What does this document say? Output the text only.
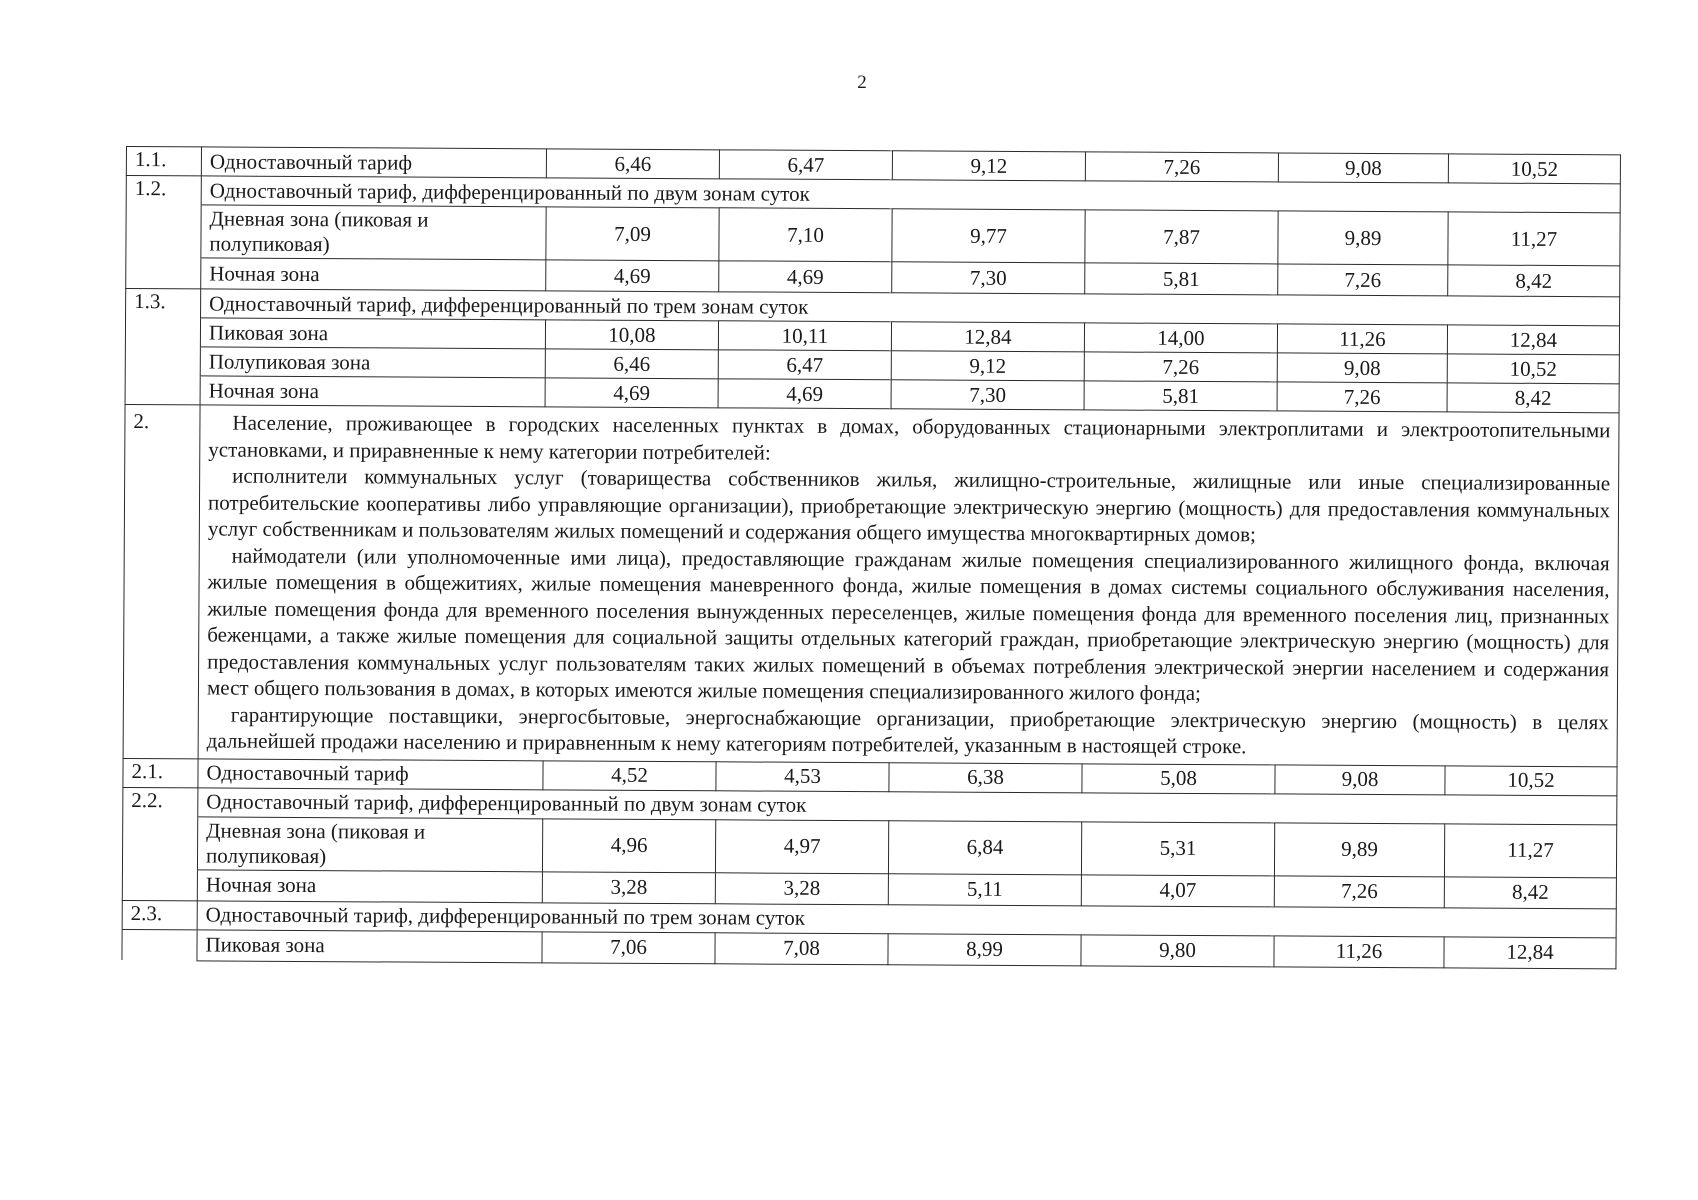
2
1.1.	Одноставочный тариф	6,46	6,47	9,12	7,26	9,08	10,52
1.2.	Одноставочный тариф, дифференцированный по двум зонам суток						
	Дневная зона (пиковая и полупиковая)	7,09	7,10	9,77	7,87	9,89	11,27
	Ночная зона	4,69	4,69	7,30	5,81	7,26	8,42
1.3.	Одноставочный тариф, дифференцированный по трем зонам суток						
	Пиковая зона	10,08	10,11	12,84	14,00	11,26	12,84
	Полупиковая зона	6,46	6,47	9,12	7,26	9,08	10,52
	Ночная зона	4,69	4,69	7,30	5,81	7,26	8,42
2.	Население, проживающее в городских населенных пунктах в домах, оборудованных стационарными электроплитами и электроотопительными установками, и приравненные к нему категории потребителей:

исполнители коммунальных услуг (товарищества собственников жилья, жилищно-строительные, жилищные или иные специализированные потребительские кооперативы либо управляющие организации), приобретающие электрическую энергию (мощность) для предоставления коммунальных услуг собственникам и пользователям жилых помещений и содержания общего имущества многоквартирных домов;

наймодатели (или уполномоченные ими лица), предоставляющие гражданам жилые помещения специализированного жилищного фонда, включая жилые помещения в общежитиях, жилые помещения маневренного фонда, жилые помещения в домах системы социального обслуживания населения, жилые помещения фонда для временного поселения вынужденных переселенцев, жилые помещения фонда для временного поселения лиц, признанных беженцами, а также жилые помещения для социальной защиты отдельных категорий граждан, приобретающие электрическую энергию (мощность) для предоставления коммунальных услуг пользователям таких жилых помещений в объемах потребления электрической энергии населением и содержания мест общего пользования в домах, в которых имеются жилые помещения специализированного жилого фонда;

гарантирующие поставщики, энергосбытовые, энергоснабжающие организации, приобретающие электрическую энергию (мощность) в целях дальнейшей продажи населению и приравненным к нему категориям потребителей, указанным в настоящей строке.						

2.1.	Одноставочный тариф	4,52	4,53	6,38	5,08	9,08	10,52
2.2.	Одноставочный тариф, дифференцированный по двум зонам суток						
	Дневная зона (пиковая и полупиковая)	4,96	4,97	6,84	5,31	9,89	11,27
	Ночная зона	3,28	3,28	5,11	4,07	7,26	8,42
2.3.	Одноставочный тариф, дифференцированный по трем зонам суток						
	Пиковая зона	7,06	7,08	8,99	9,80	11,26	12,84
